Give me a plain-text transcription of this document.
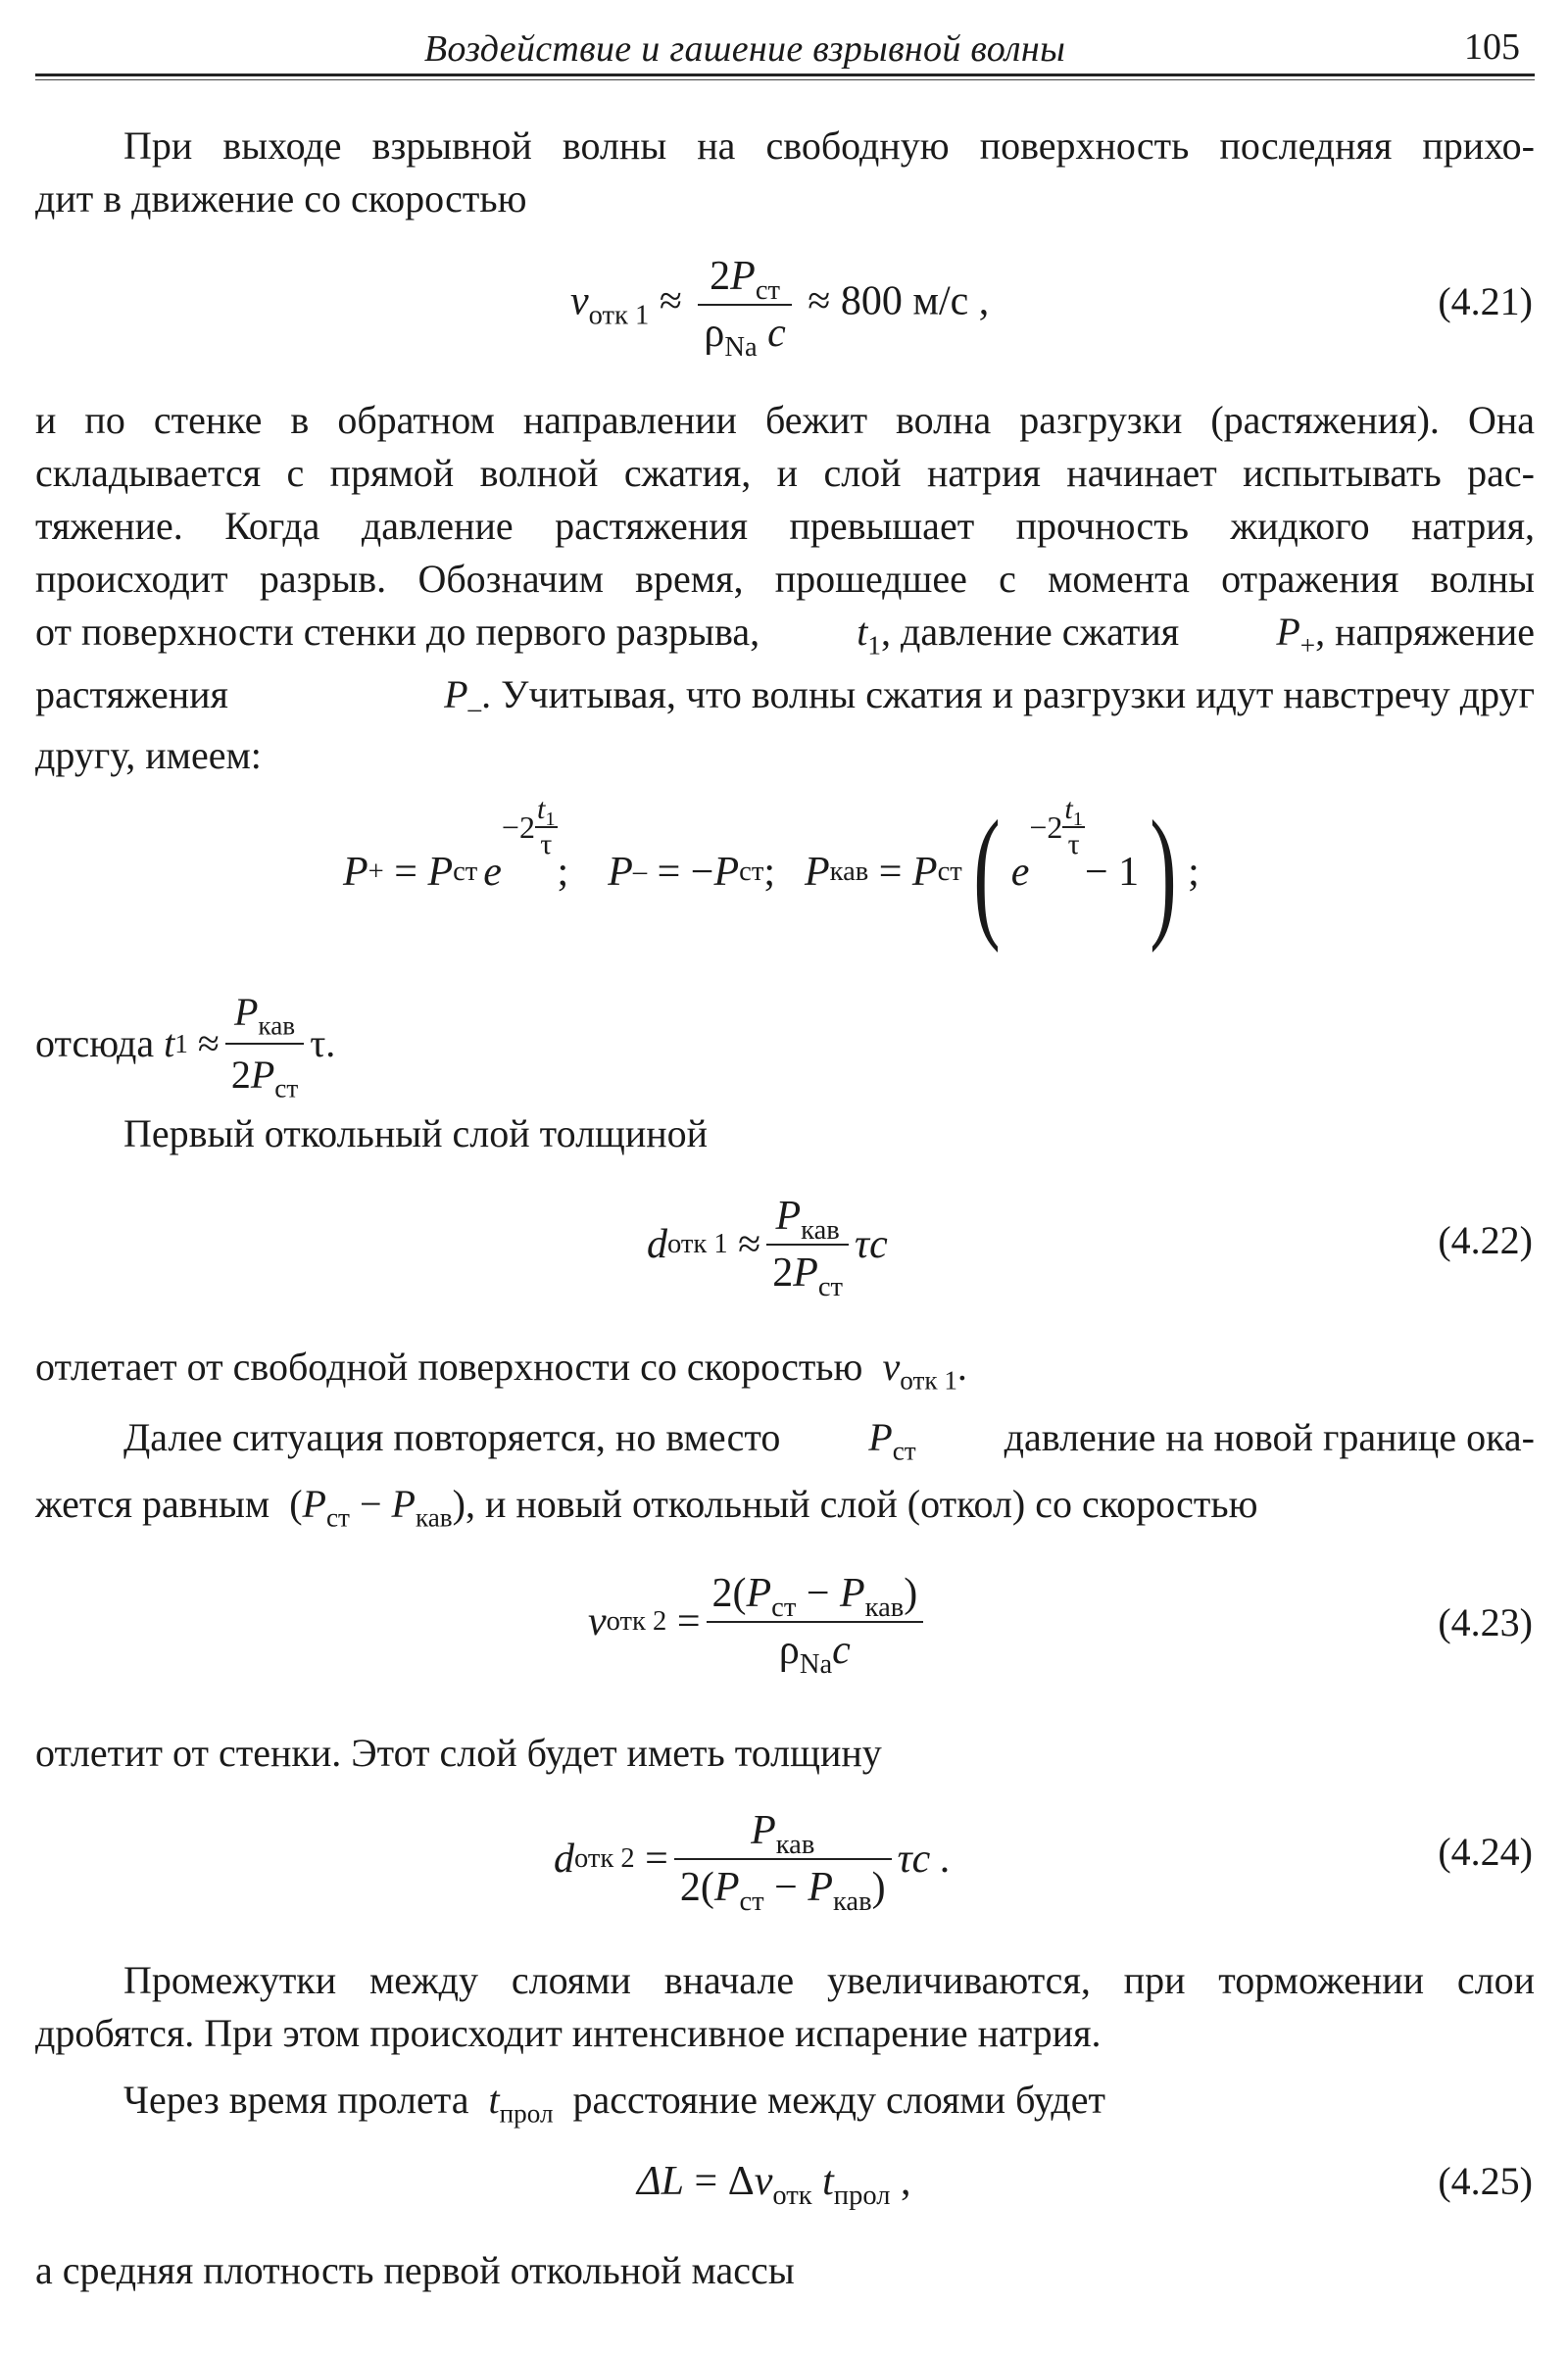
Воздействие и гашение взрывной волны	105
При выходе взрывной волны на свободную поверхность последняя прихо-
дит в движение со скоростью
$v_{отк 1} \approx \frac{2P_{ст}}{\rho_{Na} c} \approx 800$ м/с ,	(4.21)
и по стенке в обратном направлении бежит волна разгрузки (растяжения). Она
складывается с прямой волной сжатия, и слой натрия начинает испытывать рас-
тяжение. Когда давление растяжения превышает прочность жидкого натрия,
происходит разрыв. Обозначим время, прошедшее с момента отражения волны
от поверхности стенки до первого разрыва, $t_1$, давление сжатия $P_+$, напряжение
растяжения	$P_-$. Учитывая, что волны сжатия и разгрузки идут навстречу друг
другу, имеем:
P +
=
P ст e
$-2 \frac{t_1}{\tau}$
; P –
= − P ст ; P кав
=
P ст ( e
$-2 \frac{t_1}{\tau}$
− 1 ) ;
отсюда
t 1
≈ $\frac{P_{кав}}{2P_{ст}} \tau$.
Первый откольный слой толщиной
d отк 1
≈ $\frac{P_{кав}}{2P_{ст}}$ τc	(4.22)
отлетает от свободной поверхности со скоростью $v_{отк 1}$.
Далее ситуация повторяется, но вместо $P_{ст}$ давление на новой границе ока-
жется равным $(P_{ст} - P_{кав})$, и новый откольный слой (откол) со скоростью
v отк 2
= $\frac{2(P_{ст} - P_{кав})}{\rho_{Na}c}$	(4.23)
отлетит от стенки. Этот слой будет иметь толщину
d отк 2
= $\frac{P_{кав}}{2(P_{ст} - P_{кав})}$ τc .	(4.24)
Промежутки между слоями вначале увеличиваются, при торможении слои
дробятся. При этом происходит интенсивное испарение натрия.
Через время пролета $t_{прол}$ расстояние между слоями будет
$\Delta L = \Delta v_{отк}$ $t_{прол}$ ,	(4.25)
а средняя плотность первой откольной массы
